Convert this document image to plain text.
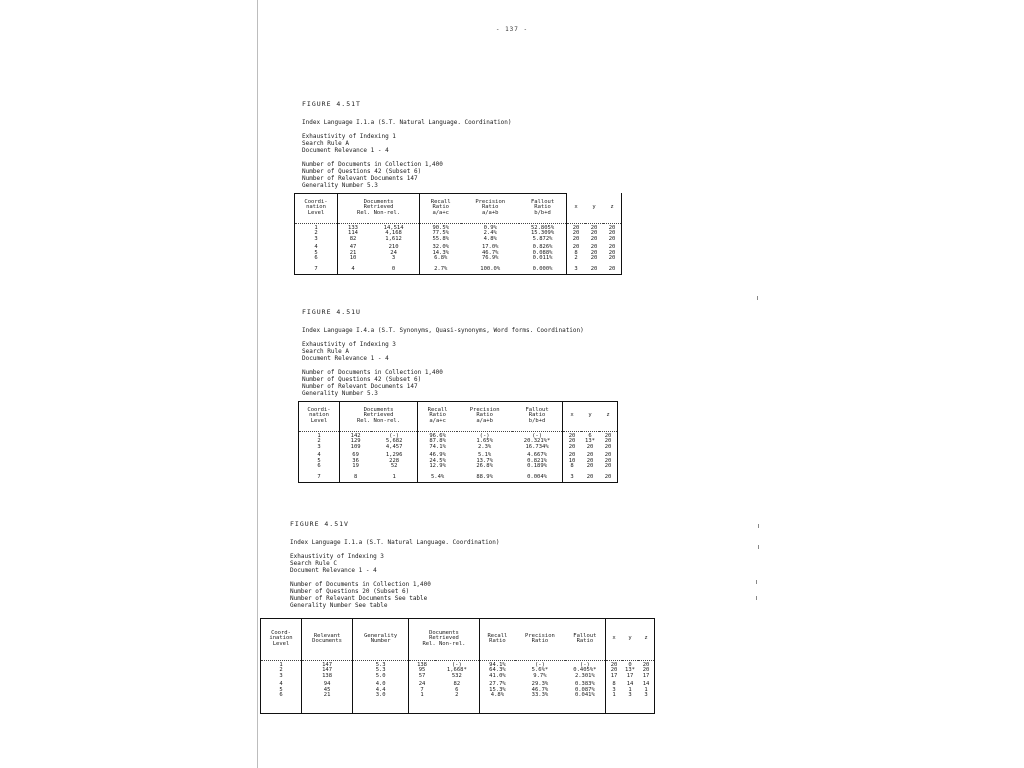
- 137 -
FIGURE 4.51T
Index Language I.1.a (S.T. Natural Language. Coordination)
Exhaustivity of Indexing 1
Search Rule A
Document Relevance 1 - 4
Number of Documents in Collection 1,400
Number of Questions 42 (Subset 6)
Number of Relevant Documents 147
Generality Number 5.3
Coordi-
nation
Level	Documents
Retrieved
Rel. Non-rel.		Recall
Ratio
a/a+c	Precision
Ratio
a/a+b	Fallout
Ratio
b/b+d	x	y	z

1	133	14,514	90.5%	0.9%	52.805%	20	20	20
2	114	4,168	77.5%	2.4%	15.309%	20	20	20
3	82	1,612	55.8%	4.8%	5.872%	20	20	20

4	47	210	32.0%	17.0%	0.826%	20	20	20
5	21	24	14.3%	46.7%	0.088%	8	20	20
6	10	3	6.8%	76.9%	0.011%	2	20	20

7	4	0	2.7%	100.0%	0.000%	3	20	20
FIGURE 4.51U
Index Language I.4.a (S.T. Synonyms, Quasi-synonyms, Word forms. Coordination)
Exhaustivity of Indexing 3
Search Rule A
Document Relevance 1 - 4
Number of Documents in Collection 1,400
Number of Questions 42 (Subset 6)
Number of Relevant Documents 147
Generality Number 5.3
Coordi-
nation
Level	Documents
Retrieved
Rel. Non-rel.		Recall
Ratio
a/a+c	Precision
Ratio
a/a+b	Fallout
Ratio
b/b+d	x	y	z

1	142	(-)	96.6%	(-)	(-)	20	6	20
2	129	5,682	87.8%	1.65%	20.321%*	20	13*	20
3	109	4,457	74.1%	2.3%	16.734%	20	20	20

4	69	1,296	46.9%	5.1%	4.667%	20	20	20
5	36	228	24.5%	13.7%	0.821%	10	20	20
6	19	52	12.9%	26.8%	0.189%	8	20	20

7	8	1	5.4%	88.9%	0.004%	3	20	20
FIGURE 4.51V
Index Language I.1.a (S.T. Natural Language. Coordination)
Exhaustivity of Indexing 3
Search Rule C
Document Relevance 1 - 4
Number of Documents in Collection 1,400
Number of Questions 20 (Subset 6)
Number of Relevant Documents See table
Generality Number See table
Coord-
ination
Level	Relevant
Documents	Generality
Number	Documents
Retrieved
Rel. Non-rel.		Recall
Ratio	Precision
Ratio	Fallout
Ratio	x	y	z

1	147	5.3	138	(-)	94.1%	(-)	(-)	20	0	20
2	147	5.3	95	1,668*	64.3%	5.6%*	0.405%*	20	13*	20
3	138	5.0	57	532	41.0%	9.7%	2.301%	17	17	17

4	94	4.0	24	82	27.7%	29.3%	0.383%	8	14	14
5	45	4.4	7	6	15.3%	46.7%	0.087%	3	1	1
6	21	3.0	1	2	4.8%	33.3%	0.041%	1	3	3
